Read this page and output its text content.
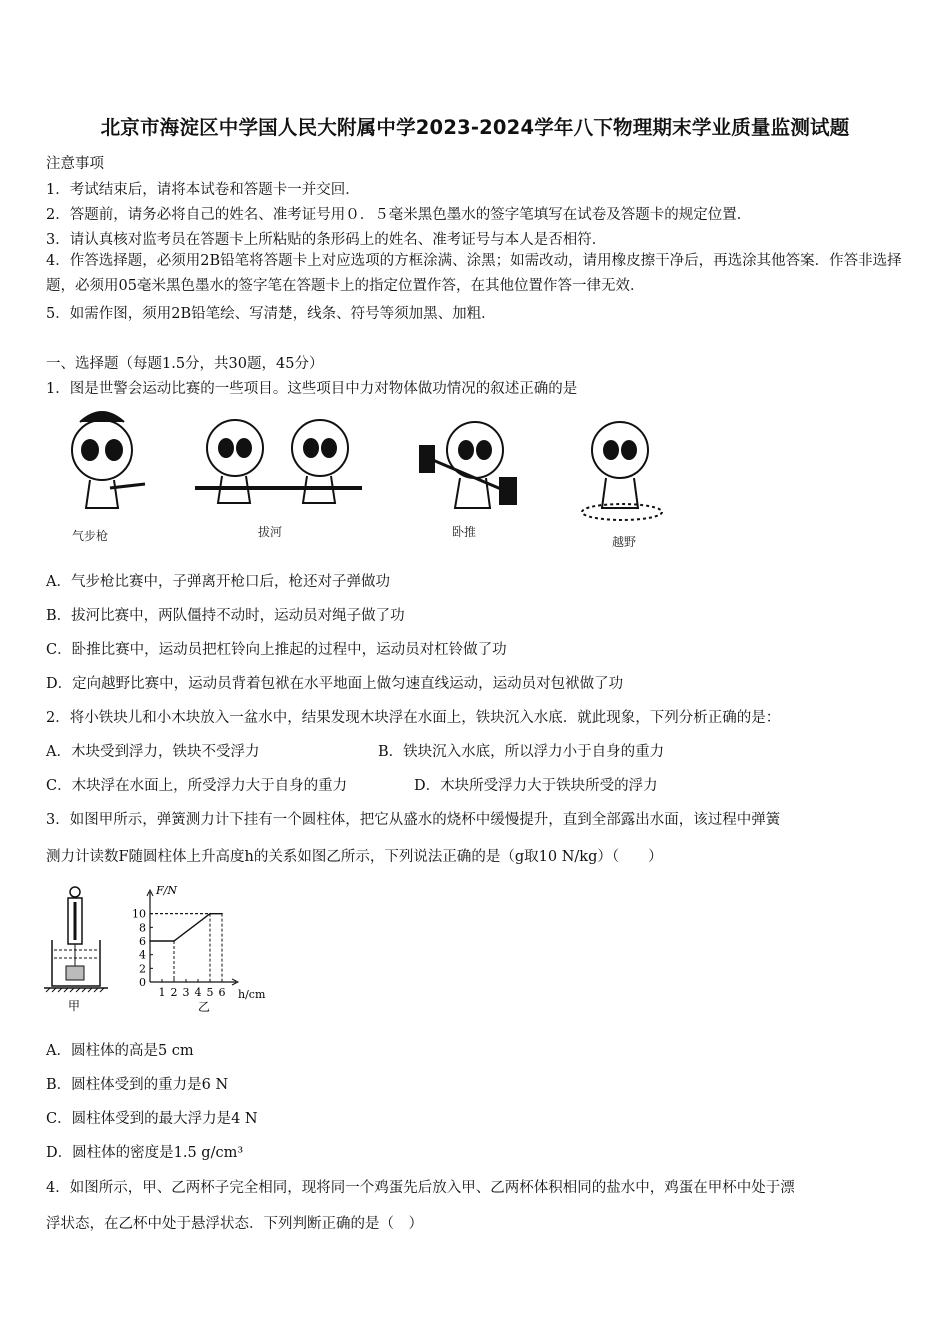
北京市海淀区中学国人民大附属中学2023-2024学年八下物理期末学业质量监测试题
注意事项
1．考试结束后，请将本试卷和答题卡一并交回．
2．答题前，请务必将自己的姓名、准考证号用０．５毫米黑色墨水的签字笔填写在试卷及答题卡的规定位置．
3．请认真核对监考员在答题卡上所粘贴的条形码上的姓名、准考证号与本人是否相符．
4．作答选择题，必须用2B铅笔将答题卡上对应选项的方框涂满、涂黑；如需改动，请用橡皮擦干净后，再选涂其他答案．作答非选择题，必须用05毫米黑色墨水的签字笔在答题卡上的指定位置作答，在其他位置作答一律无效．
5．如需作图，须用2B铅笔绘、写清楚，线条、符号等须加黑、加粗．
一、选择题（每题1.5分，共30题，45分）
1．图是世警会运动比赛的一些项目。这些项目中力对物体做功情况的叙述正确的是
气步枪	拔河	卧推
越野
A．气步枪比赛中，子弹离开枪口后，枪还对子弹做功
B．拔河比赛中，两队僵持不动时，运动员对绳子做了功
C．卧推比赛中，运动员把杠铃向上推起的过程中，运动员对杠铃做了功
D．定向越野比赛中，运动员背着包袱在水平地面上做匀速直线运动，运动员对包袱做了功
2．将小铁块儿和小木块放入一盆水中，结果发现木块浮在水面上，铁块沉入水底．就此现象，下列分析正确的是：
A．木块受到浮力，铁块不受浮力	B．铁块沉入水底，所以浮力小于自身的重力
C．木块浮在水面上，所受浮力大于自身的重力	D．木块所受浮力大于铁块所受的浮力
3．如图甲所示，弹簧测力计下挂有一个圆柱体，把它从盛水的烧杯中缓慢提升，直到全部露出水面，该过程中弹簧
测力计读数F随圆柱体上升高度h的关系如图乙所示，下列说法正确的是（g取10 N/kg）（　　）
甲
0
2
4
6
8
10
1 2 3 4 5 6
F/N
h/cm
乙
A．圆柱体的高是5 cm
B．圆柱体受到的重力是6 N
C．圆柱体受到的最大浮力是4 N
D．圆柱体的密度是1.5 g/cm³
4．如图所示，甲、乙两杯子完全相同，现将同一个鸡蛋先后放入甲、乙两杯体积相同的盐水中，鸡蛋在甲杯中处于漂
浮状态，在乙杯中处于悬浮状态．下列判断正确的是（　）
